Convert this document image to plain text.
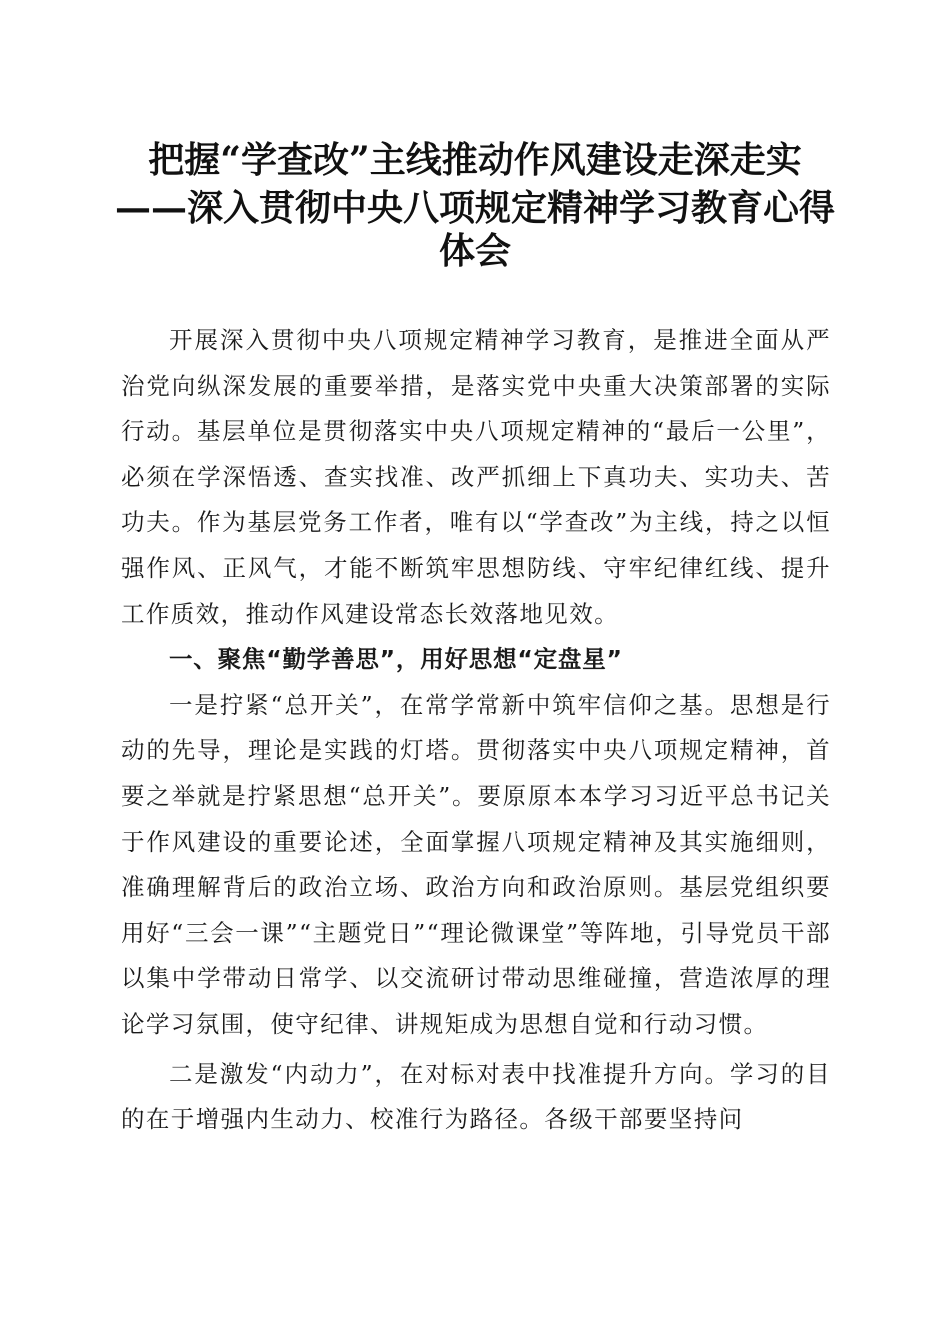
把握“学查改”主线推动作风建设走深走实
——深入贯彻中央八项规定精神学习教育心得
体会

开展深入贯彻中央八项规定精神学习教育，是推进全面从严治党向纵深发展的重要举措，是落实党中央重大决策部署的实际行动。基层单位是贯彻落实中央八项规定精神的“最后一公里”，必须在学深悟透、查实找准、改严抓细上下真功夫、实功夫、苦功夫。作为基层党务工作者，唯有以“学查改”为主线，持之以恒强作风、正风气，才能不断筑牢思想防线、守牢纪律红线、提升工作质效，推动作风建设常态长效落地见效。

一、聚焦“勤学善思”，用好思想“定盘星”

一是拧紧“总开关”，在常学常新中筑牢信仰之基。思想是行动的先导，理论是实践的灯塔。贯彻落实中央八项规定精神，首要之举就是拧紧思想“总开关”。要原原本本学习习近平总书记关于作风建设的重要论述，全面掌握八项规定精神及其实施细则，准确理解背后的政治立场、政治方向和政治原则。基层党组织要用好“三会一课”“主题党日”“理论微课堂”等阵地，引导党员干部以集中学带动日常学、以交流研讨带动思维碰撞，营造浓厚的理论学习氛围，使守纪律、讲规矩成为思想自觉和行动习惯。

二是激发“内动力”，在对标对表中找准提升方向。学习的目的在于增强内生动力、校准行为路径。各级干部要坚持问
